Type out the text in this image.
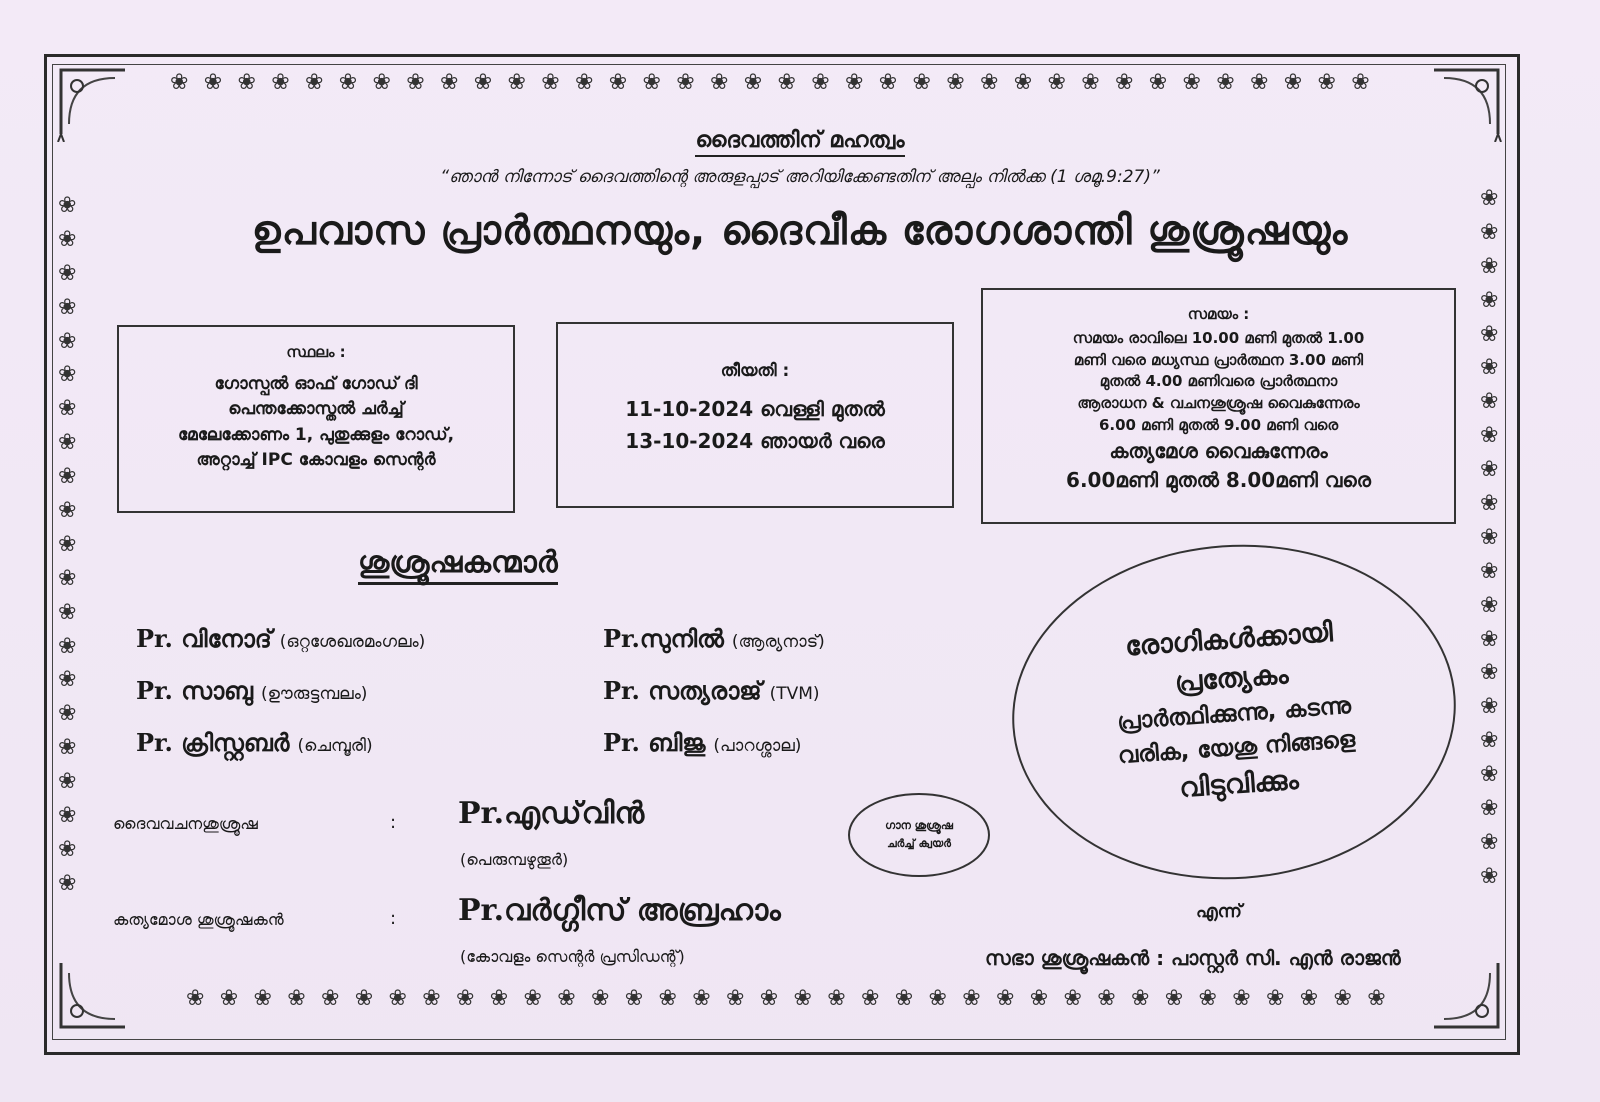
❀ ❀ ❀ ❀ ❀ ❀ ❀ ❀ ❀ ❀ ❀ ❀ ❀ ❀ ❀ ❀ ❀ ❀ ❀ ❀ ❀ ❀ ❀ ❀ ❀ ❀ ❀ ❀ ❀ ❀ ❀ ❀ ❀ ❀ ❀ ❀
❀ ❀ ❀ ❀ ❀ ❀ ❀ ❀ ❀ ❀ ❀ ❀ ❀ ❀ ❀ ❀ ❀ ❀ ❀ ❀ ❀ ❀ ❀ ❀ ❀ ❀ ❀ ❀ ❀ ❀ ❀ ❀ ❀ ❀ ❀ ❀
❀
❀
❀
❀
❀
❀
❀
❀
❀
❀
❀
❀
❀
❀
❀
❀
❀
❀
❀
❀
❀
❀
❀
❀
❀
❀
❀
❀
❀
❀
❀
❀
❀
❀
❀
❀
❀
❀
❀
❀
❀
❀
ദൈവത്തിന് മഹത്വം
“ഞാൻ നിന്നോട് ദൈവത്തിന്റെ അരുളപ്പാട് അറിയിക്കേണ്ടതിന് അല്പം നിൽക്ക (1 ശമൂ.9:27)”
ഉപവാസ പ്രാർത്ഥനയും, ദൈവീക രോഗശാന്തി ശുശ്രൂഷയും
സ്ഥലം :
ഗോസ്പൽ ഓഫ് ഗോഡ് ദി
പെന്തക്കോസ്തൽ ചർച്ച്
മേലേക്കോണം 1, പുതുക്കുളം റോഡ്,
അറ്റാച്ച് IPC കോവളം സെന്റർ
തീയതി :
11-10-2024 വെള്ളി മുതൽ
13-10-2024 ഞായർ വരെ
സമയം :
സമയം രാവിലെ 10.00 മണി മുതൽ 1.00
മണി വരെ മധ്യസ്ഥ പ്രാർത്ഥന 3.00 മണി
മുതൽ 4.00 മണിവരെ പ്രാർത്ഥനാ
ആരാധന & വചനശുശ്രൂഷ വൈകുന്നേരം
6.00 മണി മുതൽ 9.00 മണി വരെ
കത്യമേശ വൈകുന്നേരം
6.00മണി മുതൽ 8.00മണി വരെ
ശുശ്രൂഷകന്മാർ
Pr. വിനോദ് (ഒറ്റശേഖരമംഗലം)	Pr.സുനിൽ (ആര്യനാട്)
Pr. സാബു (ഊരുട്ടമ്പലം)	Pr. സത്യരാജ് (TVM)
Pr. ക്രിസ്റ്റബർ (ചെമ്പൂരി)	Pr. ബിജു (പാറശ്ശാല)
ദൈവവചനശുശ്രൂഷ	: Pr.എഡ്‌വിൻ
(പെരുമ്പഴുതൂർ)
കത്യമോശ ശുശ്രൂഷകൻ	: Pr.വർഗ്ഗീസ് അബ്രഹാം
(കോവളം സെന്റർ പ്രസിഡന്റ്)
ഗാന ശുശ്രൂഷ
ചർച്ച് ക്വയർ
രോഗികൾക്കായി
പ്രത്യേകം
പ്രാർത്ഥിക്കുന്നു, കടന്നു
വരിക, യേശു നിങ്ങളെ
വിടുവിക്കും
എന്ന്
സഭാ ശുശ്രൂഷകൻ : പാസ്റ്റർ സി. എൻ രാജൻ
